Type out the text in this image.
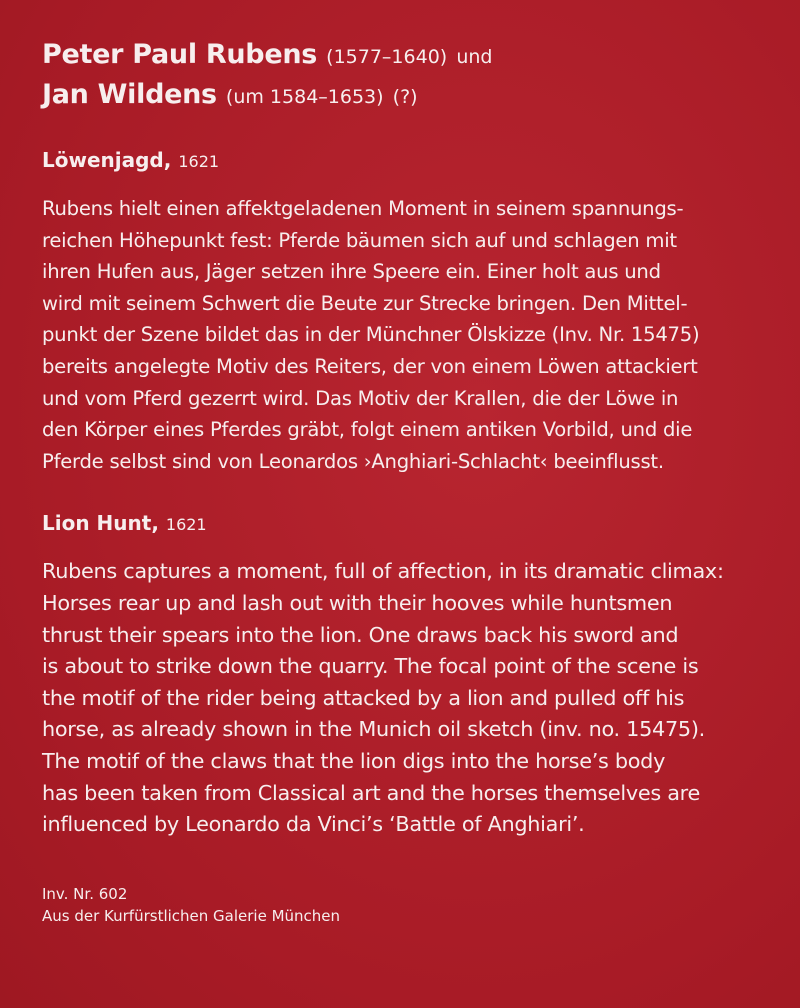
Peter Paul Rubens (1577–1640) und
Jan Wildens (um 1584–1653) (?)
Löwenjagd, 1621
Rubens hielt einen affektgeladenen Moment in seinem spannungs-
reichen Höhepunkt fest: Pferde bäumen sich auf und schlagen mit
ihren Hufen aus, Jäger setzen ihre Speere ein. Einer holt aus und
wird mit seinem Schwert die Beute zur Strecke bringen. Den Mittel-
punkt der Szene bildet das in der Münchner Ölskizze (Inv. Nr. 15475)
bereits angelegte Motiv des Reiters, der von einem Löwen attackiert
und vom Pferd gezerrt wird. Das Motiv der Krallen, die der Löwe in
den Körper eines Pferdes gräbt, folgt einem antiken Vorbild, und die
Pferde selbst sind von Leonardos ›Anghiari-Schlacht‹ beeinflusst.
Lion Hunt, 1621
Rubens captures a moment, full of affection, in its dramatic climax:
Horses rear up and lash out with their hooves while huntsmen
thrust their spears into the lion. One draws back his sword and
is about to strike down the quarry. The focal point of the scene is
the motif of the rider being attacked by a lion and pulled off his
horse, as already shown in the Munich oil sketch (inv. no. 15475).
The motif of the claws that the lion digs into the horse’s body
has been taken from Classical art and the horses themselves are
influenced by Leonardo da Vinci’s ‘Battle of Anghiari’.
Inv. Nr. 602
Aus der Kurfürstlichen Galerie München
